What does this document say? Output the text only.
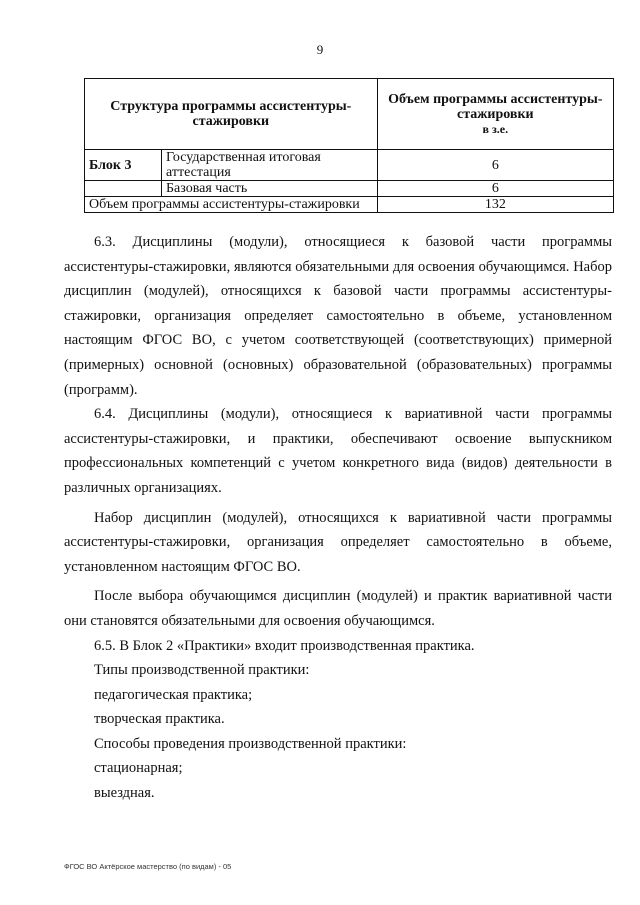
9
Структура программы ассистентуры-стажировки		Объем программы ассистентуры-стажировки
в з.е.

Блок 3	Государственная итоговая аттестация	6
	Базовая часть	6
Объем программы ассистентуры-стажировки		132

6.3. Дисциплины (модули), относящиеся к базовой части программы ассистентуры-стажировки, являются обязательными для освоения обучающимся. Набор дисциплин (модулей), относящихся к базовой части программы ассистентуры-стажировки, организация определяет самостоятельно в объеме, установленном настоящим ФГОС ВО, с учетом соответствующей (соответствующих) примерной (примерных) основной (основных) образовательной (образовательных) программы (программ).

6.4. Дисциплины (модули), относящиеся к вариативной части программы ассистентуры-стажировки, и практики, обеспечивают освоение выпускником профессиональных компетенций с учетом конкретного вида (видов) деятельности в различных организациях.

Набор дисциплин (модулей), относящихся к вариативной части программы ассистентуры-стажировки, организация определяет самостоятельно в объеме, установленном настоящим ФГОС ВО.

После выбора обучающимся дисциплин (модулей) и практик вариативной части они становятся обязательными для освоения обучающимся.

6.5. В Блок 2 «Практики» входит производственная практика.

Типы производственной практики:

педагогическая практика;

творческая практика.

Способы проведения производственной практики:

стационарная;

выездная.

ФГОС ВО Актёрское мастерство (по видам) - 05
